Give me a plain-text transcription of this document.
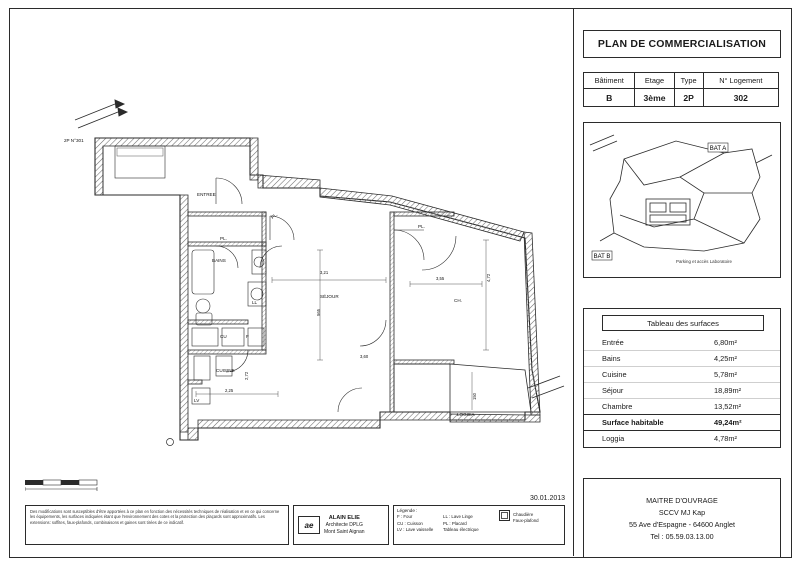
ENTREE
SÉJOUR
BAINS
CUISINE
CH.
LOGGIA
PL.
PL.
PL.
2P N°301
CU
LV
F
LL
3,21
565
2,25
2,72
3,60
3,55	4,72
150
PLAN DE COMMERCIALISATION
Bâtiment	Etage	Type	N° Logement
B	3ème	2P	302
BAT A
BAT B
Parking et accès Laboratoire
Tableau des surfaces
Entrée	6,80m²
Bains	4,25m²
Cuisine	5,78m²
Séjour	18,89m²
Chambre	13,52m²
Surface habitable	49,24m²
Loggia	4,78m²
MAITRE D'OUVRAGE
SCCV MJ Kap
55 Ave d'Espagne - 64600 Anglet
Tel : 05.59.03.13.00
30.01.2013

Des modifications sont susceptibles d'être apportées à ce plan en fonction des nécessités techniques de réalisation et en ce qui concerne les équipements, les surfaces indiquées étant que l'environnement des cotes et la protection des plaçards sont approximatifs. Les extensions: soffites, faux-plafonds, combinaisons et gaines sont tirées de ce indicatif.	ae
ALAIN ELIE
Architecte DPLG
Mont Saint Aignan
Légende :
F : Four
CU : Cuisson
LV : Lave vaisselle
LL : Lave Linge
PL : Placard
Tableau électrique
Chaudière
Faux-plafond
